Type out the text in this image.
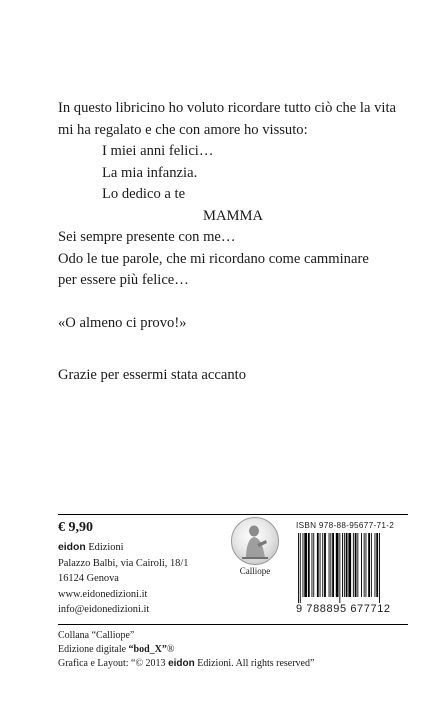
In questo libricino ho voluto ricordare tutto ciò che la vita
mi ha regalato e che con amore ho vissuto:
I miei anni felici…
La mia infanzia.
Lo dedico a te
MAMMA
Sei sempre presente con me…
Odo le tue parole, che mi ricordano come camminare
per essere più felice…
«O almeno ci provo!»
Grazie per essermi stata accanto
€ 9,90
eidon Edizioni
Palazzo Balbi, via Cairoli, 18/1
16124 Genova
www.eidonedizioni.it
info@eidonedizioni.it
Calliope
ISBN 978-88-95677-71-2
9 788895 677712
Collana “Calliope”
Edizione digitale “bod_X”®
Grafica e Layout: “© 2013 eidon Edizioni. All rights reserved”
